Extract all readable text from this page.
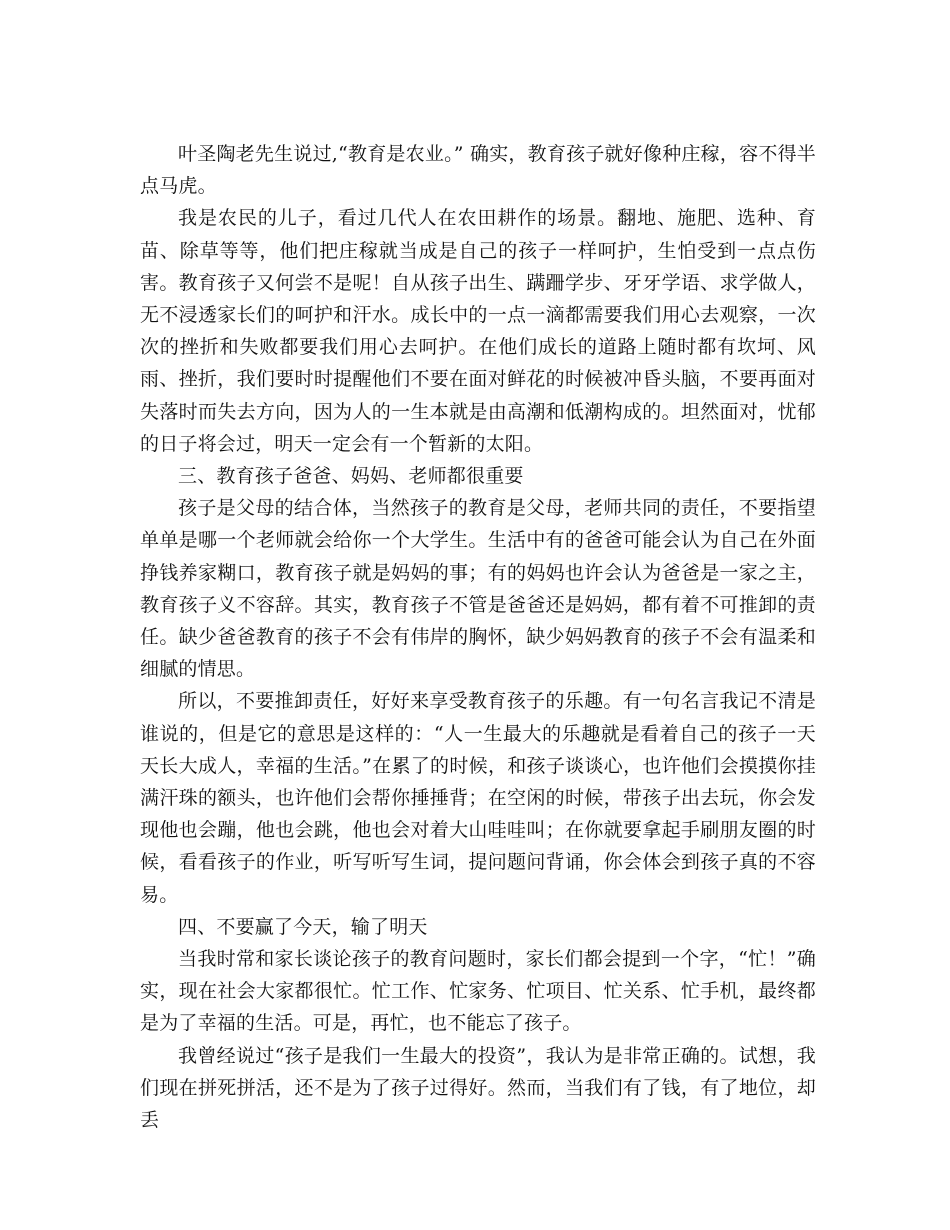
叶圣陶老先生说过,“教育是农业。” 确实，教育孩子就好像种庄稼，容不得半点马虎。

我是农民的儿子，看过几代人在农田耕作的场景。翻地、施肥、选种、育苗、除草等等，他们把庄稼就当成是自己的孩子一样呵护，生怕受到一点点伤害。教育孩子又何尝不是呢！自从孩子出生、蹒跚学步、牙牙学语、求学做人，无不浸透家长们的呵护和汗水。成长中的一点一滴都需要我们用心去观察，一次次的挫折和失败都要我们用心去呵护。在他们成长的道路上随时都有坎坷、风雨、挫折，我们要时时提醒他们不要在面对鲜花的时候被冲昏头脑，不要再面对失落时而失去方向，因为人的一生本就是由高潮和低潮构成的。坦然面对，忧郁的日子将会过，明天一定会有一个暂新的太阳。

三、教育孩子爸爸、妈妈、老师都很重要

孩子是父母的结合体，当然孩子的教育是父母，老师共同的责任，不要指望单单是哪一个老师就会给你一个大学生。生活中有的爸爸可能会认为自己在外面挣钱养家糊口，教育孩子就是妈妈的事；有的妈妈也许会认为爸爸是一家之主，教育孩子义不容辞。其实，教育孩子不管是爸爸还是妈妈，都有着不可推卸的责任。缺少爸爸教育的孩子不会有伟岸的胸怀，缺少妈妈教育的孩子不会有温柔和细腻的情思。

所以，不要推卸责任，好好来享受教育孩子的乐趣。有一句名言我记不清是谁说的，但是它的意思是这样的：“人一生最大的乐趣就是看着自己的孩子一天天长大成人，幸福的生活。”在累了的时候，和孩子谈谈心，也许他们会摸摸你挂满汗珠的额头，也许他们会帮你捶捶背；在空闲的时候，带孩子出去玩，你会发现他也会蹦，他也会跳，他也会对着大山哇哇叫；在你就要拿起手刷朋友圈的时候，看看孩子的作业，听写听写生词，提问题问背诵，你会体会到孩子真的不容易。

四、不要赢了今天，输了明天

当我时常和家长谈论孩子的教育问题时，家长们都会提到一个字，“忙！”确实，现在社会大家都很忙。忙工作、忙家务、忙项目、忙关系、忙手机，最终都是为了幸福的生活。可是，再忙，也不能忘了孩子。

我曾经说过“孩子是我们一生最大的投资”，我认为是非常正确的。试想，我们现在拼死拼活，还不是为了孩子过得好。然而，当我们有了钱，有了地位，却丢
